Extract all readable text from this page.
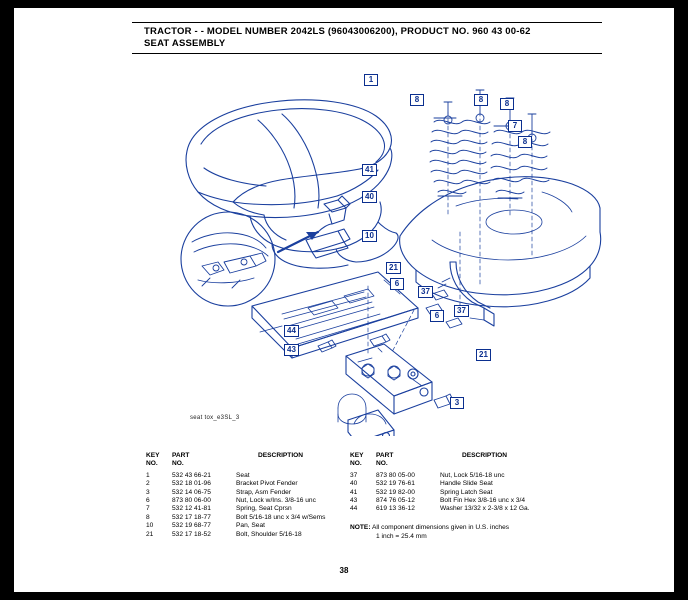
TRACTOR - - MODEL NUMBER 2042LS (96043006200), PRODUCT NO. 960 43 00-62
SEAT ASSEMBLY
1
41
40
10
21
6
37
6
37
21
3
44
43
8	8	8
7
8
seat tox_e3SL_3
KEY	PART	DESCRIPTION
NO.	NO.
1	532 43 66-21	Seat
2	532 18 01-96	Bracket Pivot Fender
3	532 14 06-75	Strap, Asm Fender
6	873 80 06-00	Nut, Lock w/Ins. 3/8-16 unc
7	532 12 41-81	Spring, Seat Cprsn
8	532 17 18-77	Bolt 5/16-18 unc x 3/4 w/Sems
10	532 19 68-77	Pan, Seat
21	532 17 18-52	Bolt, Shoulder 5/16-18
KEY	PART	DESCRIPTION
NO.	NO.
37	873 80 05-00	Nut, Lock 5/16-18 unc
40	532 19 76-61	Handle Slide Seat
41	532 19 82-00	Spring Latch Seat
43	874 76 05-12	Bolt Fin Hex 3/8-16 unc x 3/4
44	619 13 36-12	Washer 13/32 x 2-3/8 x 12 Ga.
NOTE: All component dimensions given in U.S. inches
1 inch = 25.4 mm
38
